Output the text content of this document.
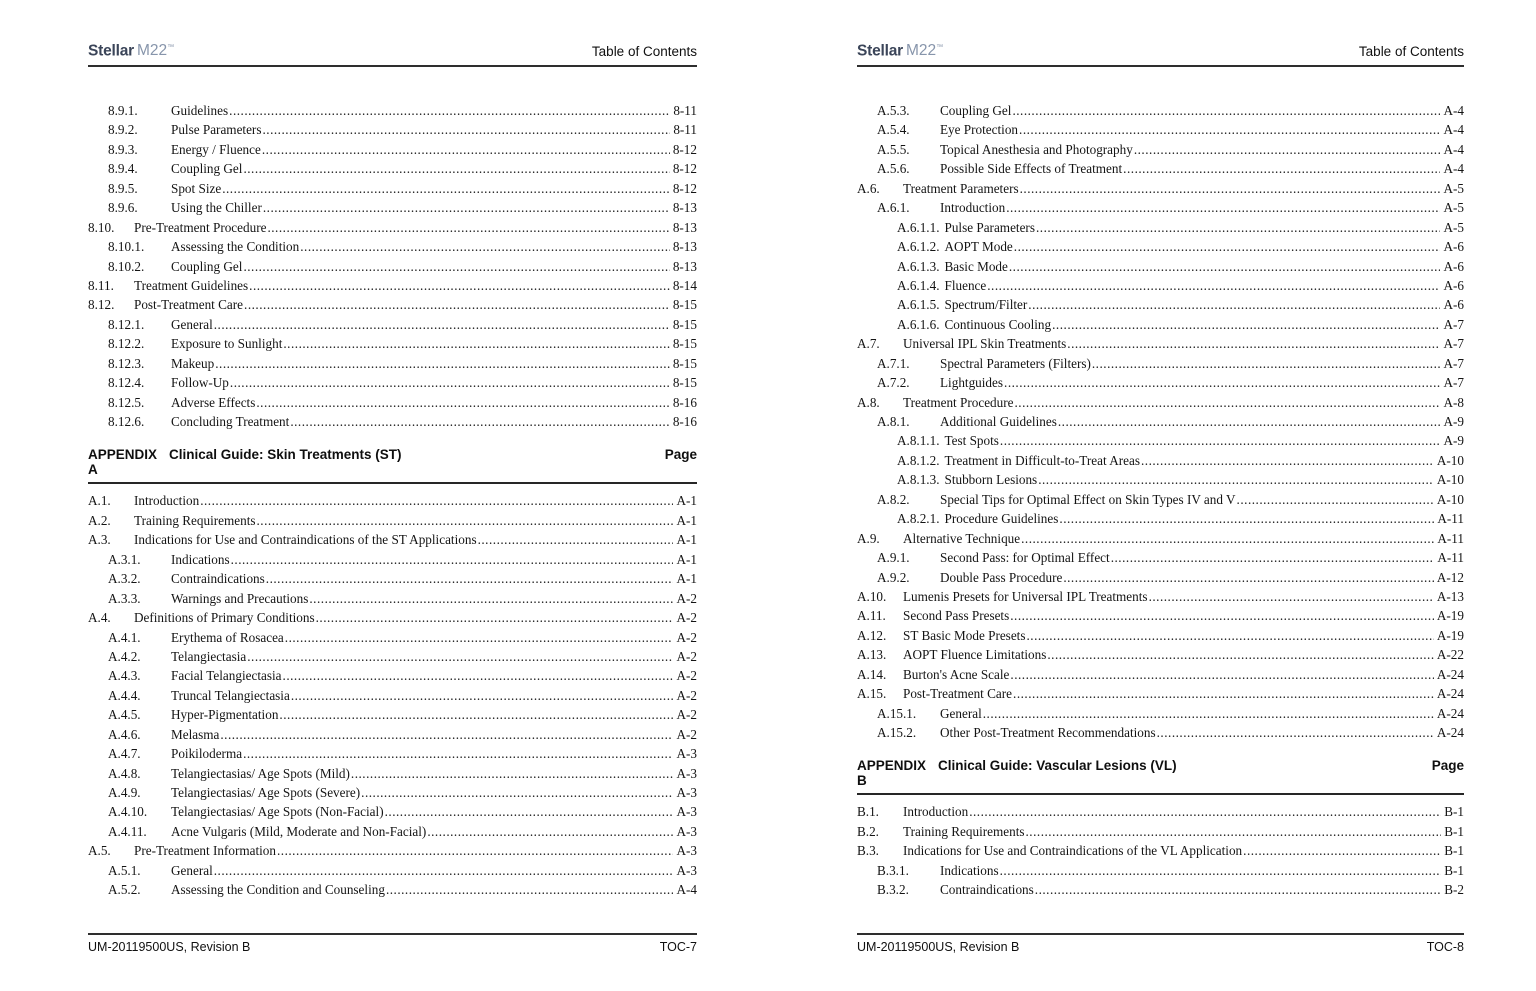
Stellar M22™	Table of Contents
8.9.1.	Guidelines .....	8-11
8.9.2.	Pulse Parameters .....	8-11
8.9.3.	Energy / Fluence .....	8-12
8.9.4.	Coupling Gel .....	8-12
8.9.5.	Spot Size .....	8-12
8.9.6.	Using the Chiller .....	8-13
8.10.	Pre-Treatment Procedure .....	8-13
8.10.1.	Assessing the Condition .....	8-13
8.10.2.	Coupling Gel .....	8-13
8.11.	Treatment Guidelines .....	8-14
8.12.	Post-Treatment Care .....	8-15
8.12.1.	General .....	8-15
8.12.2.	Exposure to Sunlight .....	8-15
8.12.3.	Makeup .....	8-15
8.12.4.	Follow-Up .....	8-15
8.12.5.	Adverse Effects .....	8-16
8.12.6.	Concluding Treatment .....	8-16
APPENDIX A
Clinical Guide: Skin Treatments (ST)	Page
A.1.	Introduction .....	A-1
A.2.	Training Requirements .....	A-1
A.3.	Indications for Use and Contraindications of the ST Applications .....	A-1
A.3.1.	Indications .....	A-1
A.3.2.	Contraindications .....	A-1
A.3.3.	Warnings and Precautions .....	A-2
A.4.	Definitions of Primary Conditions .....	A-2
A.4.1.	Erythema of Rosacea .....	A-2
A.4.2.	Telangiectasia .....	A-2
A.4.3.	Facial Telangiectasia .....	A-2
A.4.4.	Truncal Telangiectasia .....	A-2
A.4.5.	Hyper-Pigmentation .....	A-2
A.4.6.	Melasma .....	A-2
A.4.7.	Poikiloderma .....	A-3
A.4.8.	Telangiectasias/ Age Spots (Mild) .....	A-3
A.4.9.	Telangiectasias/ Age Spots (Severe) .....	A-3
A.4.10.	Telangiectasias/ Age Spots (Non-Facial) .....	A-3
A.4.11.	Acne Vulgaris (Mild, Moderate and Non-Facial) .....	A-3
A.5.	Pre-Treatment Information .....	A-3
A.5.1.	General .....	A-3
A.5.2.	Assessing the Condition and Counseling .....	A-4
UM-20119500US, Revision B	TOC-7
Stellar M22™	Table of Contents
A.5.3.	Coupling Gel .....	A-4
A.5.4.	Eye Protection .....	A-4
A.5.5.	Topical Anesthesia and Photography .....	A-4
A.5.6.	Possible Side Effects of Treatment .....	A-4
A.6.	Treatment Parameters .....	A-5
A.6.1.	Introduction .....	A-5
A.6.1.1. Pulse Parameters .....	A-5
A.6.1.2. AOPT Mode .....	A-6
A.6.1.3. Basic Mode .....	A-6
A.6.1.4. Fluence .....	A-6
A.6.1.5. Spectrum/Filter .....	A-6
A.6.1.6. Continuous Cooling .....	A-7
A.7.	Universal IPL Skin Treatments .....	A-7
A.7.1.	Spectral Parameters (Filters) .....	A-7
A.7.2.	Lightguides .....	A-7
A.8.	Treatment Procedure .....	A-8
A.8.1.	Additional Guidelines .....	A-9
A.8.1.1. Test Spots .....	A-9
A.8.1.2. Treatment in Difficult-to-Treat Areas .....	A-10
A.8.1.3. Stubborn Lesions .....	A-10
A.8.2.	Special Tips for Optimal Effect on Skin Types IV and V .....	A-10
A.8.2.1. Procedure Guidelines .....	A-11
A.9.	Alternative Technique .....	A-11
A.9.1.	Second Pass: for Optimal Effect .....	A-11
A.9.2.	Double Pass Procedure .....	A-12
A.10.	Lumenis Presets for Universal IPL Treatments .....	A-13
A.11.	Second Pass Presets .....	A-19
A.12.	ST Basic Mode Presets .....	A-19
A.13.	AOPT Fluence Limitations .....	A-22
A.14.	Burton's Acne Scale .....	A-24
A.15.	Post-Treatment Care .....	A-24
A.15.1.	General .....	A-24
A.15.2.	Other Post-Treatment Recommendations .....	A-24
APPENDIX B
Clinical Guide: Vascular Lesions (VL)	Page
B.1.	Introduction .....	B-1
B.2.	Training Requirements .....	B-1
B.3.	Indications for Use and Contraindications of the VL Application .....	B-1
B.3.1.	Indications .....	B-1
B.3.2.	Contraindications .....	B-2
UM-20119500US, Revision B	TOC-8
